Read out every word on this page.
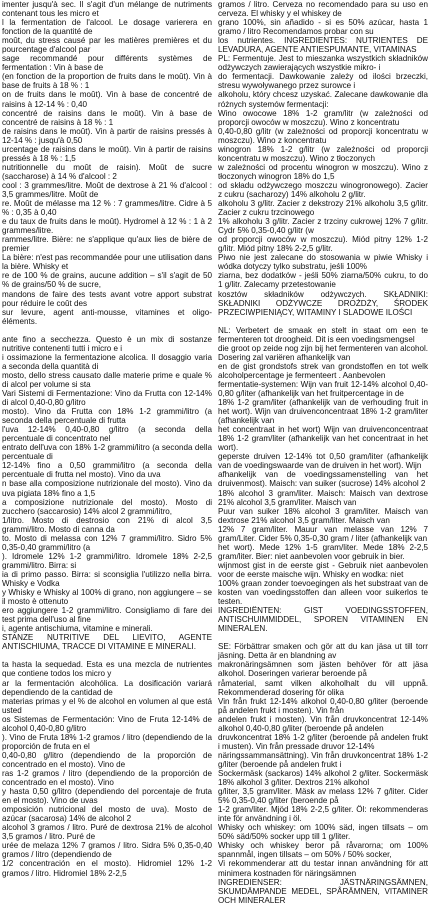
imenter jusqu'à sec. Il s'agit d'un mélange de nutriments contenant tous les micro et

l la fermentation de l'alcool. Le dosage varierera en fonction de la quantité de

moût, du stress causé par les matières premières et du pourcentage d'alcool par

sage recommandé pour différents systèmes de fermentation : Vin à base de

(en fonction de la proportion de fruits dans le moût). Vin à base de fruits à 18 % : 1

on de fruits dans le moût). Vin à base de concentré de raisins à 12-14 % : 0,40

concentré de raisins dans le moût). Vin à base de concentré de raisins à 18 % : 1

de raisins dans le moût). Vin à partir de raisins pressés à 12-14 % : jusqu'à 0,50

urcentage de raisins dans le moût). Vin à partir de raisins pressés à 18 % : 1,5

nutritionnelle du moût de raisin). Moût de sucre (saccharose) à 14 % d'alcool : 2

cool : 3 grammes/litre. Moût de dextrose à 21 % d'alcool : 3,5 grammes/litre. Moût de

re. Moût de mélasse ma 12 % : 7 grammes/litre. Cidre à 5 % : 0,35 à 0,40

e du taux de fruits dans le moût). Hydromel à 12 % : 1 à 2 grammes/litre.

rammes/litre. Bière: ne s'applique qu'aux lies de bière de premier

La bière: n'est pas recommandée pour une utilisation dans la bière. Whisky et

re de 100 % de grains, aucune addition – s'il s'agit de 50 % de grains/50 % de sucre,

mandons de faire des tests avant votre apport substrat pour réduire le coût des

sur levure, agent anti-mousse, vitamines et oligo-éléments.

ante fino a secchezza. Questo è un mix di sostanze nutritive contenenti tutti i micro e i

i ossimazione la fermentazione alcolica. Il dosaggio varia a seconda della quantità di

mosto, dello stress causato dalle materie prime e quale % di alcol per volume si sta

Vari Sistemi di Fermentazione: Vino da Frutta con 12-14% di alcol 0,40-0,80 g/litro

mosto). Vino da Frutta con 18% 1-2 grammi/litro (a seconda della percentuale di frutta

l'uva 12-14% 0,40-0,80 g/litro (a seconda della percentuale di concentrato nel

entrato dell'uva con 18% 1-2 grammi/litro (a seconda della percentuale di

12-14% fino a 0,50 grammi/litro (a seconda della percentuale di frutta nel mosto). Vino da uva

n base alla composizione nutrizionale del mosto). Vino da uva pigiata 18% fino a 1,5

a composizione nutrizionale del mosto). Mosto di zucchero (saccarosio) 14% alcol 2 grammi/litro,

1/litro. Mosto di destrosio con 21% di alcol 3,5 grammi/litro. Mosto di canna da

to. Mosto di melassa con 12% 7 grammi/litro. Sidro 5% 0,35-0,40 grammi/litro (a

). Idromele 12% 1-2 grammi/litro. Idromele 18% 2-2,5 grammi/litro. Birra: si

ia di primo passo. Birra: si sconsiglia l'utilizzo nella birra. Whisky e Vodka

y Whisky e Whisky al 100% di grano, non aggiungere – se il mosto è ottenuto

ero aggiungere 1-2 grammi/litro. Consigliamo di fare dei test prima dell'uso al fine

i, agente antischiuma, vitamine e minerali.

STANZE NUTRITIVE DEL LIEVITO, AGENTE ANTISCHIUMA, TRACCE DI VITAMINE E MINERALI.

ta hasta la sequedad. Esta es una mezcla de nutrientes que contiene todos los micro y

ar la fermentación alcohólica. La dosificación variará dependiendo de la cantidad de

materias primas y el % de alcohol en volumen al que está usted

os Sistemas de Fermentación: Vino de Fruta 12-14% de alcohol 0,40-0,80 g/litro

). Vino de Fruta 18% 1-2 gramos / litro (dependiendo de la proporción de fruta en el

0,40-0,80 g/litro (dependiendo de la proporción de concentrado en el mosto). Vino de

ras 1-2 gramos / litro (dependiendo de la proporción de concentrado en el mosto). Vino

y hasta 0,50 g/litro (dependiendo del porcentaje de fruta en el mosto). Vino de uvas

omposición nutricional del mosto de uva). Mosto de azúcar (sacarosa) 14% de alcohol 2

alcohol 3 gramos / litro. Puré de dextrosa 21% de alcohol 3,5 gramos / litro. Puré de

urée de melaza 12% 7 gramos / litro. Sidra 5% 0,35-0,40 gramos / litro (dependiendo de

1/2 concentración en el mosto). Hidromiel 12% 1-2 gramos / litro. Hidromiel 18% 2-2,5

gramos / litro. Cerveza no recomendado para su uso en cerveza. El whisky y el whiskey de

grano 100%, sin añadido - si es 50% azúcar, hasta 1 gramo / litro Recomendamos probar con su

los nutrientes. INGREDIENTES: NUTRIENTES DE LEVADURA, AGENTE ANTIESPUMANTE, VITAMINAS

PL: Fermentuje. Jest to mieszanka wszystkich składników odżywczych zawierających wszystkie mikro- i

do fermentacji. Dawkowanie zależy od ilości brzeczki, stresu wywoływanego przez surowce i

alkoholu, który chcesz uzyskać. Zalecane dawkowanie dla różnych systemów fermentacji:

Wino owocowe 18% 1-2 gram/litr (w zależności od proporcji owoców w moszczu). Wino z koncentratu

0,40-0,80 g/litr (w zależności od proporcji koncentratu w moszczu). Wino z koncentratu

winogron 18% 1-2 g/litr (w zależności od proporcji koncentratu w moszczu). Wino z tłoczonych

w zależności od procentu winogron w moszczu). Wino z tłoczonych winogron 18% do 1,5

od składu odżywczego moszczu winogronowego). Zacier z cukru (sacharozy) 14% alkoholu 2 g/litr.

alkoholu 3 g/litr. Zacier z dekstrozy 21% alkoholu 3,5 g/litr. Zacier z cukru trzcinowego

1% alkoholu 3 g/litr. Zacier z trzciny cukrowej 12% 7 g/litr. Cydr 5% 0,35-0,40 g/litr (w

od proporcji owoców w moszczu). Miód pitny 12% 1-2 g/litr. Miód pitny 18% 2-2,5 g/litr.

Piwo nie jest zalecane do stosowania w piwie Whisky i wódka dotyczy tylko substratu, jeśli 100%

ziarna, bez dodatków - jeśli 50% ziarna/50% cukru, to do 1 g/litr. Zalecamy przetestowanie

kosztów składników odżywczych. SKŁADNIKI: SKŁADNIKI ODŻYWCZE DROŻDŻY, ŚRODEK PRZECIWPIENIĄCY, WITAMINY I SLADOWE ILOŚCI

NL: Verbetert de smaak en stelt in staat om een te fermenteren tot droogheid. Dit is een voedingsmengsel

die groot op zeide nog zijn bij het fermenteren van alcohol. Dosering zal variëren afhankelijk van

en de gist grondstofs strek van grondstoffen en tot welk alcoholpercentage je fermenteert . Aanbevolen

fermentatie-systemen: Wijn van fruit 12-14% alcohol 0,40-0,80 g/liter (afhankelijk van het fruitpercentage in de

18% 1-2 gram/liter (afhankelijk van de verhouding fruit in het wort). Wijn van druivenconcentraat 18% 1-2 gram/liter (afhankelijk van

het concentraat in het wort) Wijn van druivenconcentraat 18% 1-2 gram/liter (afhankelijk van het concentraat in het wort).

geperste druiven 12-14% tot 0,50 gram/liter (afhankelijk van de voedingswaarde van de druiven in het wort). Wijn

afhankelijk van de voedingssamenstelling van het druivenmost). Maisch: van suiker (sucrose) 14% alcohol 2

18% alcohol 3 gram/liter. Maisch: Maisch van dextrose 21% alcohol 3,5 gram/liter. Maisch van

Puur van suiker 18% alcohol 3 gram/liter. Maisch van dextrose 21% alcohol 3,5 gram/liter. Maisch van

12% 7 gram/liter. Mauur van melasse van 12% 7 gram/Liter. Cider 5% 0,35-0,30 gram / liter (afhankelijk van

het wort). Mede 12% 1-5 gram/liter. Mede 18% 2-2,5 gram/liter. Bier: niet aanbevolen voor gebruik in bier.

wijnmost gist in de eerste gist - Gebruik niet aanbevolen voor de eerste maische wijn. Whisky en wodka: niet

100% graan zonder toevoegingen als het substraat van de kosten van voedingsstoffen dan alleen voor suikerlos te testen.

INGREDIËNTEN: GIST VOEDINGSSTOFFEN, ANTISCHUIMMIDDEL, SPOREN VITAMINEN EN MINERALEN.

SE: Förbättrar smaken och gör att du kan jäsa ut till torr jäsning. Detta är en blandning av

makronäringsämnen som jästen behöver för att jäsa alkohol. Doseringen varierar beroende på

råmaterial, samt vilken alkoholhalt du vill uppnå. Rekommenderad dosering för olika

Vin från frukt 12-14% alkohol 0,40-0,80 g/liter (beroende på andelen frukt i mosten). Vin från

andelen frukt i mosten). Vin från druvkoncentrat 12-14% alkohol 0,40-0,80 g/liter (beroende på andelen

druvkoncentrat 18% 1-2 g/liter (beroende på andelen frukt i musten). Vin från pressade druvor 12-14%

näringssammansättning). Vin från druvkoncentrat 18% 1-2 g/liter (beroende på andelen frukt i

Sockermäsk (sackaros) 14% alkohol 2 g/liter. Sockermäsk 18% alkohol 3 g/liter. Dextros 21% alkohol

g/liter, 3,5 gram/liter. Mäsk av melass 12% 7 g/liter. Cider 5% 0,35-0,40 g/liter (beroende på

1-2 gram/liter. Mjöd 18% 2-2,5 g/liter. Öl: rekommenderas inte för användning i öl.

Whisky och whiskey: om 100% säd, ingen tillsats – om 50% säd/50% socker upp till 1 g/liter.

Whisky och whiskey beror på råvarorna; om 100% spannmål, ingen tillsats – om 50% / 50% socker,

Vi rekommenderar att du testar innan användning för att minimera kostnaden för näringsämnen

INGREDIENSER: JÄSTNÄRINGSÄMNEN, SKUMDÄMPANDE MEDEL, SPÅRÄMNEN, VITAMINER OCH MINERALER
